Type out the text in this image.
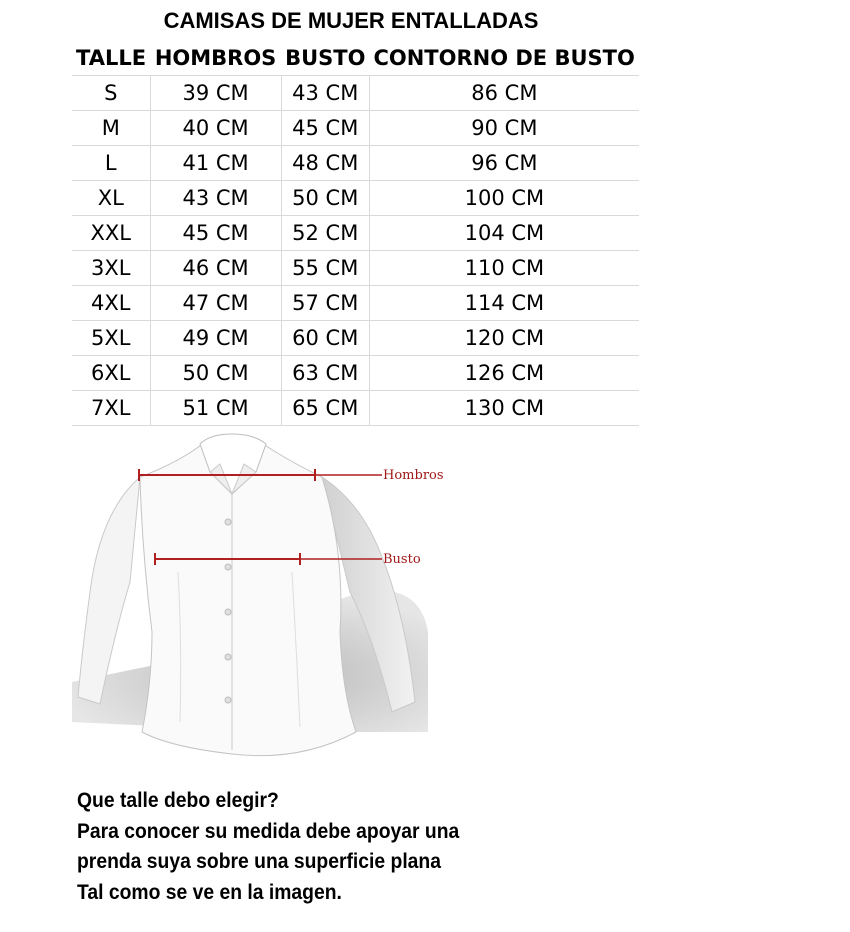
CAMISAS DE MUJER ENTALLADAS
TALLE	HOMBROS	BUSTO	CONTORNO DE BUSTO
S	39 CM	43 CM	86 CM
M	40 CM	45 CM	90 CM
L	41 CM	48 CM	96 CM
XL	43 CM	50 CM	100 CM
XXL	45 CM	52 CM	104 CM
3XL	46 CM	55 CM	110 CM
4XL	47 CM	57 CM	114 CM
5XL	49 CM	60 CM	120 CM
6XL	50 CM	63 CM	126 CM
7XL	51 CM	65 CM	130 CM
Hombros
Busto
Que talle debo elegir?
Para conocer su medida debe apoyar una
prenda suya sobre una superficie plana
Tal como se ve en la imagen.
